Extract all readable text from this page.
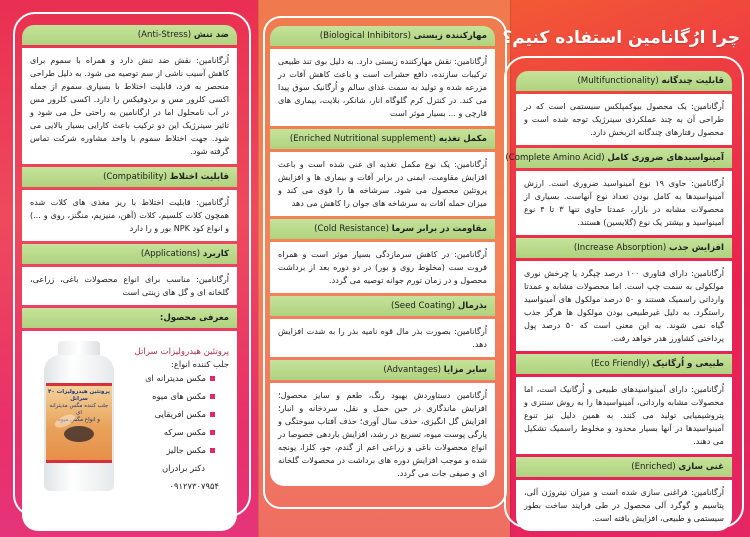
چرا ارُگانامین استفاده کنیم؟
ضد تنش (Anti-Stress)
اُرگانامین: نقش ضد تنش دارد و همراه با سموم برای کاهش آسیب ناشی از سم توصیه می شود. به دلیل طراحی منحصر به فرد، قابلیت اختلاط با بسیاری سموم از جمله اکسی کلرور مس و بردوفیکس را دارد. اکسی کلرور مس در آب نامحلول اما در ارگانامین به راحتی حل می شود و تاثیر سینرژیک این دو ترکیب باعث کارایی بسیار بالایی می شود. جهت اختلاط سموم با واحد مشاوره شرکت تماس گرفته شود.
قابلیت اختلاط (Compatibility)
اُرگانامین: قابلیت اختلاط با ریز مغذی های کلات شده همچون کلات کلسیم، کلات (آهن، منیزیم، منگنز، روی و ...) و انواع کود NPK بور و را دارد
کاربرد (Applications)
اُرگانامین: مناسب برای انواع محصولات باغی، زراعی، گلخانه ای و گل های زینتی است
معرفی محصول:
پروتئین هیدرولیزات سراتل
جلب کننده انواع:
مکس مدیترانه ای
مکس های میوه
مکس افریقایی
مکس سرکه
مکس جالیز
دکتر برادران
۰۹۱۲۷۳۰۷۹۵۴
پروتئین هیدرولیزات ۴۰
سراتل
جلب کننده مگس مدیترانه ای
و انواع مگس میوه
مهارکننده زیستی (Biological Inhibitors)
اُرگانامین: نقش مهارکننده زیستی دارد. به دلیل بوی تند طبیعی ترکیبات سازنده، دافع حشرات است و باعث کاهش آفات در مزرعه شده و تولید به سمت غذای سالم و اُرگانیک سوق پیدا می کند. در کنترل کرم گلوگاه انار، شانکر، بلایت، بیماری های قارچی و ... بسیار موثر است
مکمل تغذیه (Enriched Nutritional supplement)
اُرگانامین: یک نوع مکمل تغذیه ای غنی شده است و باعث افزایش مقاومت، ایمنی در برابر آفات و بیماری ها و افزایش پروتئین محصول می شود. سرشاخه ها را قوی می کند و میزان حمله آفات به سرشاخه های جوان را کاهش می دهد
مقاومت در برابر سرما (Cold Resistance)
اُرگانامین: در کاهش سرمازدگی بسیار موثر است و همراه فروت ست (مخلوط روی و بور) در دو دوره بعد از برداشت محصول و در زمان تورم جوانه توصیه می گردد.
بذرمال (Seed Coating)
اُرگانامین: بصورت بذر مال قوه نامیه بذر را به شدت افزایش دهد.
سایر مزایا (Advantages)
اُرگانامین دستاوردش بهبود رنگ، طعم و سایز محصول؛ افزایش ماندگاری در حین حمل و نقل، سردخانه و انبار؛ افزایش گل انگیزی، حذف سال آوری؛ حذف آفتاب سوختگی و پارگی پوست میوه، تسریع در رشد، افزایش باردهی خصوصا در انواع محصولات باغی و زراعی اعم از گندم، جو، کلزا، یونجه شده و موجب افزایش دوره های برداشت در محصولات گلخانه ای و صیفی جات می گردد.
قابلیت چندگانه (Multifunctionality)
اُرگانامین: یک محصول بیوکمپلکس سیستمی است که در طراحی آن به چند عملکردی سینرژیک توجه شده است و محصول رفتارهای چندگانه اثربخش دارد.
آمینواسیدهای ضروری کامل (Complete Amino Acid)
اُرگانامین: حاوی ۱۹ نوع آمینواسید ضروری است. ارزش آمینواسیدها به کامل بودن تعداد نوع آنهاست. بسیاری از محصولات مشابه در بازار، عمدتا حاوی تنها ۳ تا ۴ نوع آمینواسید و بیشتر یک نوع (گلایسین) هستند.
افزایش جذب (Increase Absorption)
اُرگانامین: دارای فناوری ۱۰۰ درصد چپگرد یا چرخش نوری مولکولی به سمت چپ است. اما محصولات مشابه و عمدتا وارداتی راسمیک هستند و ۵۰ درصد مولکول های آمینواسید راستگرد. به دلیل غیرطبیعی بودن مولکول ها هرگز جذب گیاه نمی شوند. به این معنی است که ۵۰ درصد پول پرداختی کشاورز هدر خواهد رفت.
طبیعی و اُرگانیک (Eco Friendly)
اُرگانامین: دارای آمینواسیدهای طبیعی و اُرگانیک است، اما محصولات مشابه وارداتی، آمینواسیدها را به روش سنتزی و پتروشیمیایی تولید می کنند. به همین دلیل نیز تنوع آمینواسیدها در آنها بسیار محدود و مخلوط راسمیک تشکیل می دهند.
غنی سازی (Enriched)
اُرگانامین: فراغنی سازی شده است و میزان نیتروژن آلی، پتاسیم و گوگرد آلی محصول در طی فرایند ساخت بطور سیستمی و طبیعی، افزایش یافته است.
